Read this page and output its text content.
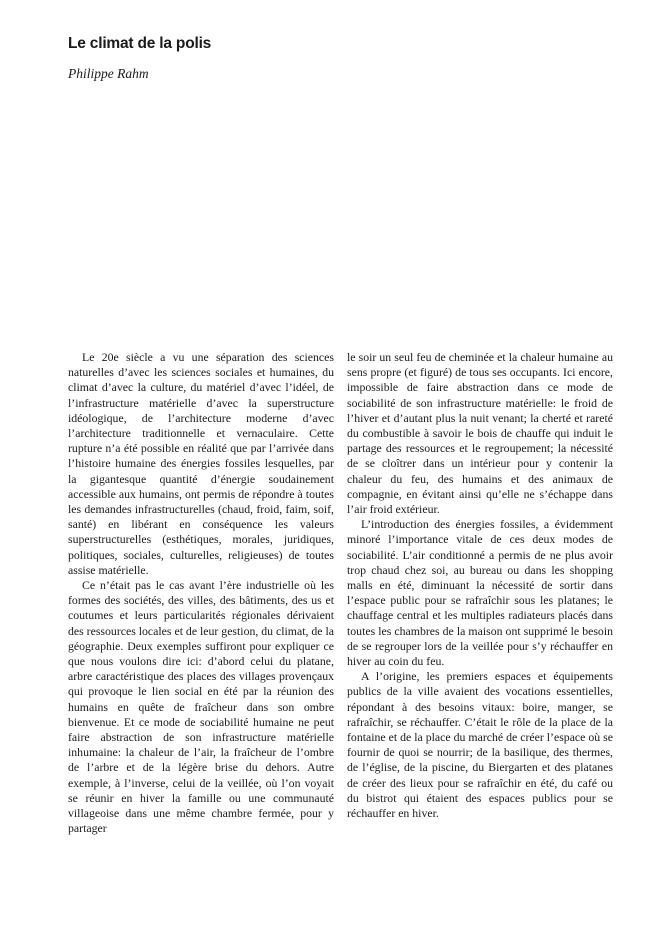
Le climat de la polis

Philippe Rahm

Le 20e siècle a vu une séparation des sciences naturelles d’avec les sciences sociales et humaines, du climat d’avec la culture, du matériel d’avec l’idéel, de l’infrastructure matérielle d’avec la superstructure idéologique, de l’architecture moderne d’avec l’architecture traditionnelle et vernaculaire. Cette rupture n’a été possible en réalité que par l’arrivée dans l’histoire humaine des énergies fossiles lesquelles, par la gigantesque quantité d’énergie soudainement accessible aux humains, ont permis de répondre à toutes les demandes infrastructurelles (chaud, froid, faim, soif, santé) en libérant en conséquence les valeurs superstructurelles (esthétiques, morales, juridiques, politiques, sociales, culturelles, religieuses) de toutes assise matérielle.

Ce n’était pas le cas avant l’ère industrielle où les formes des sociétés, des villes, des bâtiments, des us et coutumes et leurs particularités régionales dérivaient des ressources locales et de leur gestion, du climat, de la géographie. Deux exemples suffiront pour expliquer ce que nous voulons dire ici: d’abord celui du platane, arbre caractéristique des places des villages provençaux qui provoque le lien social en été par la réunion des humains en quête de fraîcheur dans son ombre bienvenue. Et ce mode de sociabilité humaine ne peut faire abstraction de son infrastructure matérielle inhumaine: la chaleur de l’air, la fraîcheur de l’ombre de l’arbre et de la légère brise du dehors. Autre exemple, à l’inverse, celui de la veillée, où l’on voyait se réunir en hiver la famille ou une communauté villageoise dans une même chambre fermée, pour y partager

le soir un seul feu de cheminée et la chaleur humaine au sens propre (et figuré) de tous ses occupants. Ici encore, impossible de faire abstraction dans ce mode de sociabilité de son infrastructure matérielle: le froid de l’hiver et d’autant plus la nuit venant; la cherté et rareté du combustible à savoir le bois de chauffe qui induit le partage des ressources et le regroupement; la nécessité de se cloîtrer dans un intérieur pour y contenir la chaleur du feu, des humains et des animaux de compagnie, en évitant ainsi qu’elle ne s’échappe dans l’air froid extérieur.

L’introduction des énergies fossiles, a évidemment minoré l’importance vitale de ces deux modes de sociabilité. L’air conditionné a permis de ne plus avoir trop chaud chez soi, au bureau ou dans les shopping malls en été, diminuant la nécessité de sortir dans l’espace public pour se rafraîchir sous les platanes; le chauffage central et les multiples radiateurs placés dans toutes les chambres de la maison ont supprimé le besoin de se regrouper lors de la veillée pour s’y réchauffer en hiver au coin du feu.

A l’origine, les premiers espaces et équipements publics de la ville avaient des vocations essentielles, répondant à des besoins vitaux: boire, manger, se rafraîchir, se réchauffer. C’était le rôle de la place de la fontaine et de la place du marché de créer l’espace où se fournir de quoi se nourrir; de la basilique, des thermes, de l’église, de la piscine, du Biergarten et des platanes de créer des lieux pour se rafraîchir en été, du café ou du bistrot qui étaient des espaces publics pour se réchauffer en hiver.
